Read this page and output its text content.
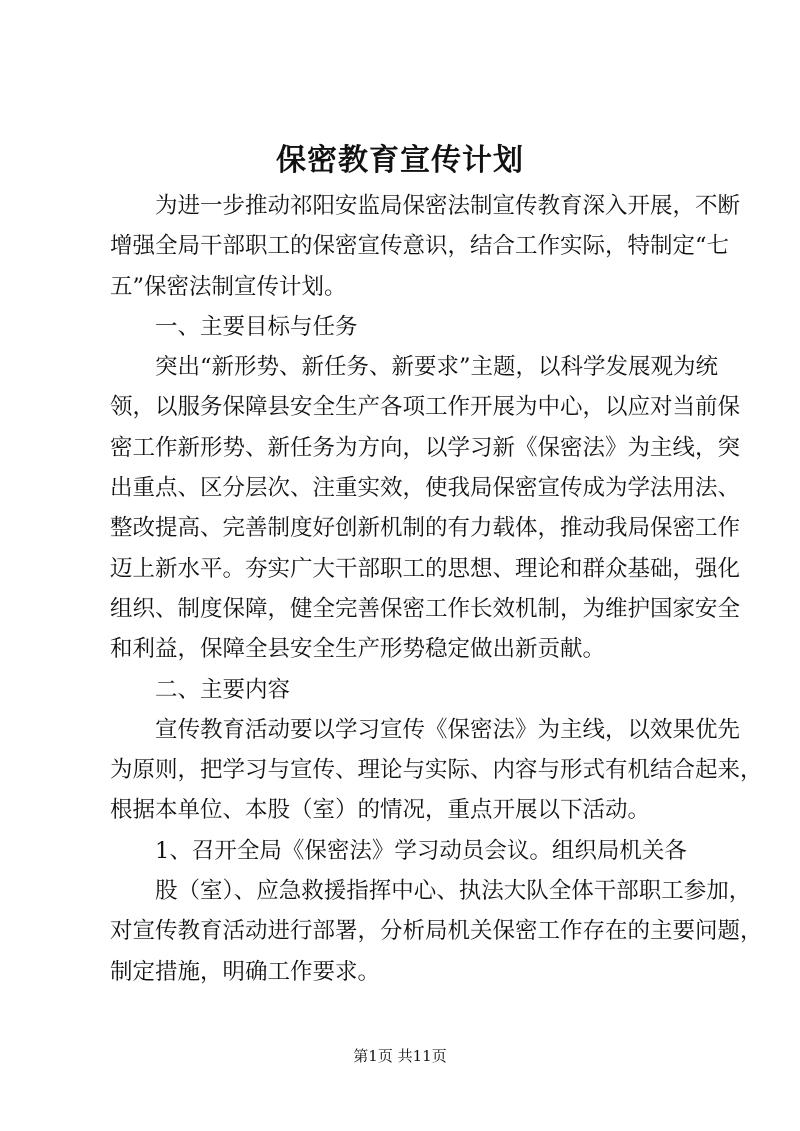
保密教育宣传计划
为进一步推动祁阳安监局保密法制宣传教育深入开展，不断
增强全局干部职工的保密宣传意识，结合工作实际，特制定“七
五”保密法制宣传计划。
一、主要目标与任务
突出“新形势、新任务、新要求”主题，以科学发展观为统
领，以服务保障县安全生产各项工作开展为中心，以应对当前保
密工作新形势、新任务为方向，以学习新《保密法》为主线，突
出重点、区分层次、注重实效，使我局保密宣传成为学法用法、
整改提高、完善制度好创新机制的有力载体，推动我局保密工作
迈上新水平。夯实广大干部职工的思想、理论和群众基础，强化
组织、制度保障，健全完善保密工作长效机制，为维护国家安全
和利益，保障全县安全生产形势稳定做出新贡献。
二、主要内容
宣传教育活动要以学习宣传《保密法》为主线，以效果优先
为原则，把学习与宣传、理论与实际、内容与形式有机结合起来，
根据本单位、本股（室）的情况，重点开展以下活动。
1、召开全局《保密法》学习动员会议。组织局机关各
股（室）、应急救援指挥中心、执法大队全体干部职工参加，
对宣传教育活动进行部署，分析局机关保密工作存在的主要问题，
制定措施，明确工作要求。
第1页 共11页
